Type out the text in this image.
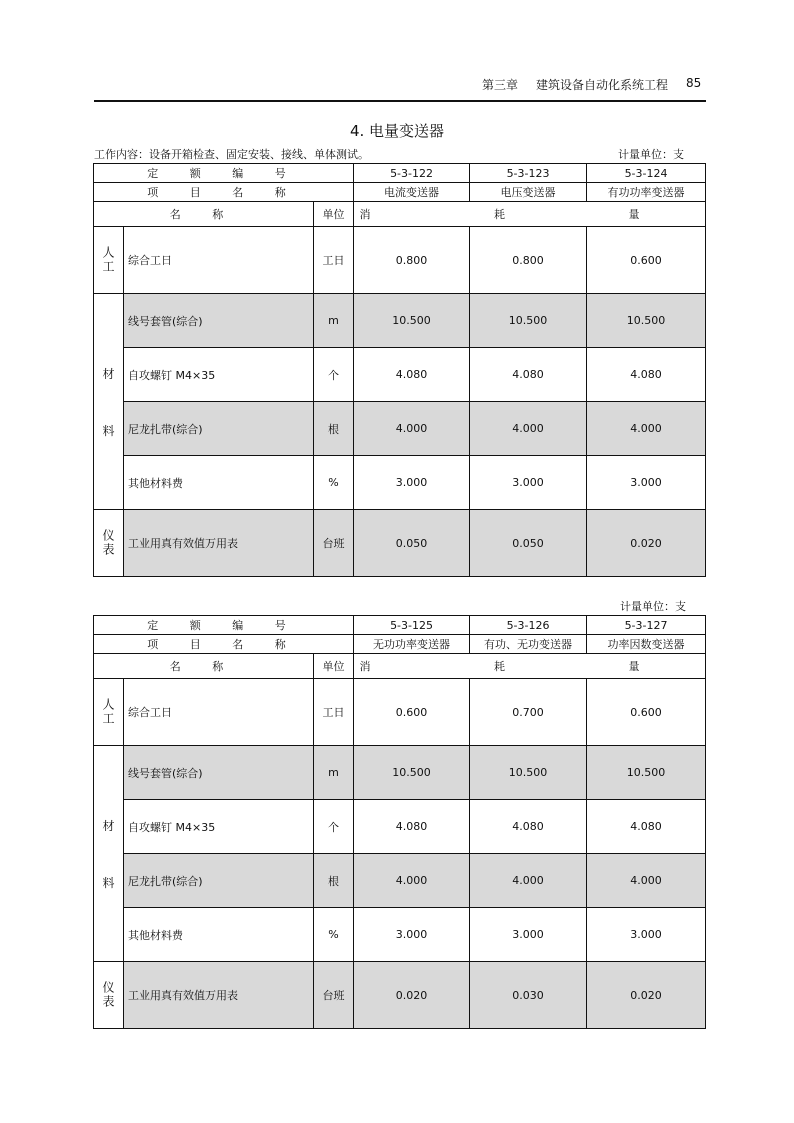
第三章 建筑设备自动化系统工程 85
4. 电量变送器
工作内容：设备开箱检查、固定安装、接线、单体测试。	计量单位：支
计量单位：支
定 额 编 号			5-3-122	5-3-123	5-3-124
项 目 名 称			电流变送器	电压变送器	有功功率变送器
名 称		单位	消 耗 量		
人工	综合工日	工日	0.800	0.800	0.600

材
料	线号套管(综合)	m	10.500	10.500	10.500
	自攻螺钉 M4×35	个	4.080	4.080	4.080
	尼龙扎带(综合)	根	4.000	4.000	4.000
	其他材料费	%	3.000	3.000	3.000
仪表	工业用真有效值万用表	台班	0.050	0.050	0.020
定 额 编 号			5-3-125	5-3-126	5-3-127
项 目 名 称			无功功率变送器	有功、无功变送器	功率因数变送器
名 称		单位	消 耗 量		
人工	综合工日	工日	0.600	0.700	0.600

材
料	线号套管(综合)	m	10.500	10.500	10.500
	自攻螺钉 M4×35	个	4.080	4.080	4.080
	尼龙扎带(综合)	根	4.000	4.000	4.000
	其他材料费	%	3.000	3.000	3.000
仪表	工业用真有效值万用表	台班	0.020	0.030	0.020
